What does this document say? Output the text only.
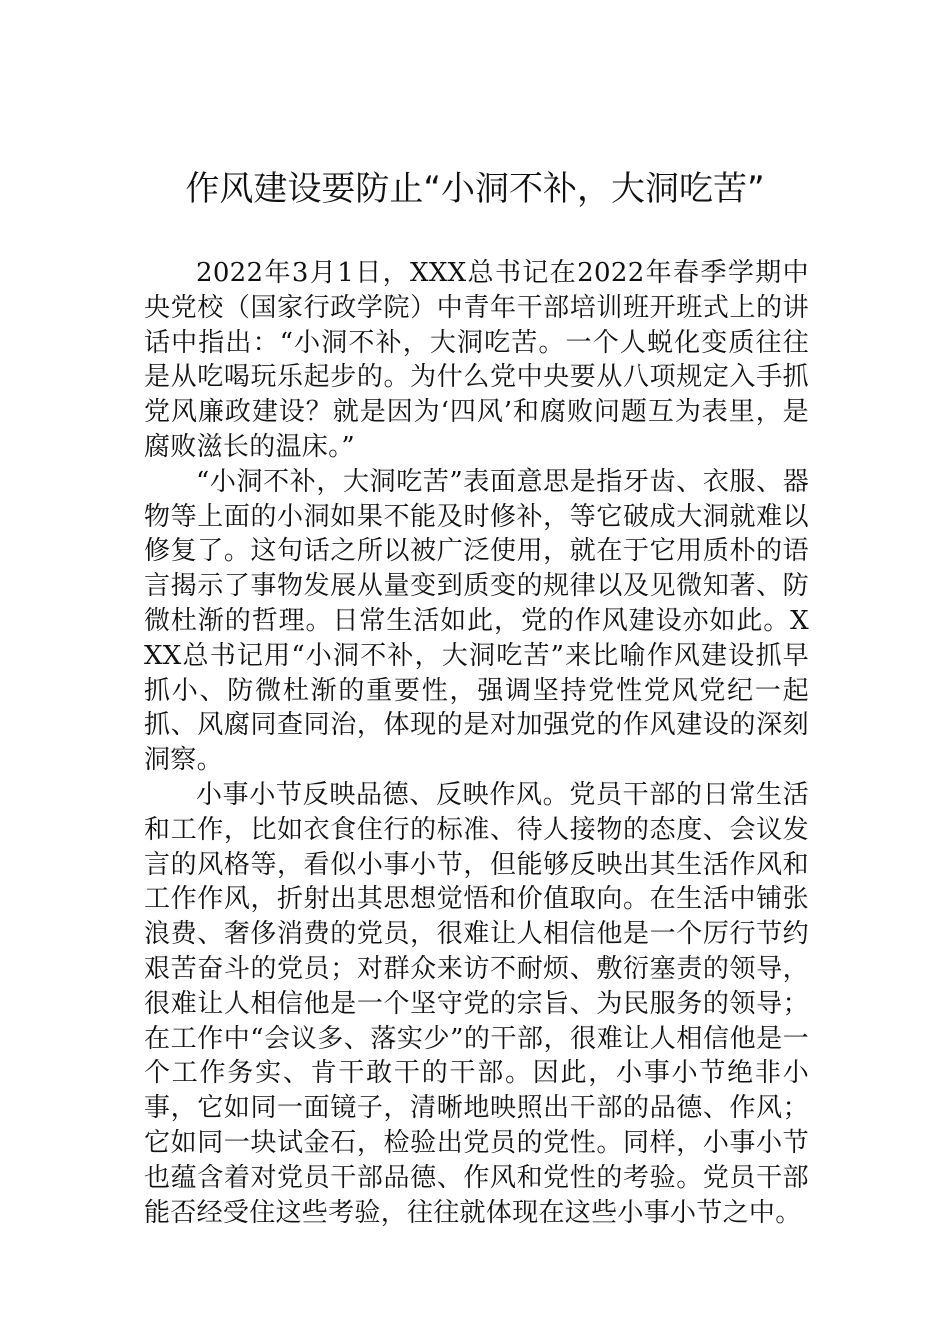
作风建设要防止“小洞不补，大洞吃苦”

2022年3月1日，XXX总书记在2022年春季学期中央党校（国家行政学院）中青年干部培训班开班式上的讲话中指出：“小洞不补，大洞吃苦。一个人蜕化变质往往是从吃喝玩乐起步的。为什么党中央要从八项规定入手抓党风廉政建设？就是因为‘四风’和腐败问题互为表里，是腐败滋长的温床。”

“小洞不补，大洞吃苦”表面意思是指牙齿、衣服、器物等上面的小洞如果不能及时修补，等它破成大洞就难以修复了。这句话之所以被广泛使用，就在于它用质朴的语言揭示了事物发展从量变到质变的规律以及见微知著、防微杜渐的哲理。日常生活如此，党的作风建设亦如此。XXX总书记用“小洞不补，大洞吃苦”来比喻作风建设抓早抓小、防微杜渐的重要性，强调坚持党性党风党纪一起抓、风腐同查同治，体现的是对加强党的作风建设的深刻洞察。

小事小节反映品德、反映作风。党员干部的日常生活和工作，比如衣食住行的标准、待人接物的态度、会议发言的风格等，看似小事小节，但能够反映出其生活作风和工作作风，折射出其思想觉悟和价值取向。在生活中铺张浪费、奢侈消费的党员，很难让人相信他是一个厉行节约艰苦奋斗的党员；对群众来访不耐烦、敷衍塞责的领导，很难让人相信他是一个坚守党的宗旨、为民服务的领导；在工作中“会议多、落实少”的干部，很难让人相信他是一个工作务实、肯干敢干的干部。因此，小事小节绝非小事，它如同一面镜子，清晰地映照出干部的品德、作风；它如同一块试金石，检验出党员的党性。同样，小事小节也蕴含着对党员干部品德、作风和党性的考验。党员干部能否经受住这些考验，往往就体现在这些小事小节之中。
